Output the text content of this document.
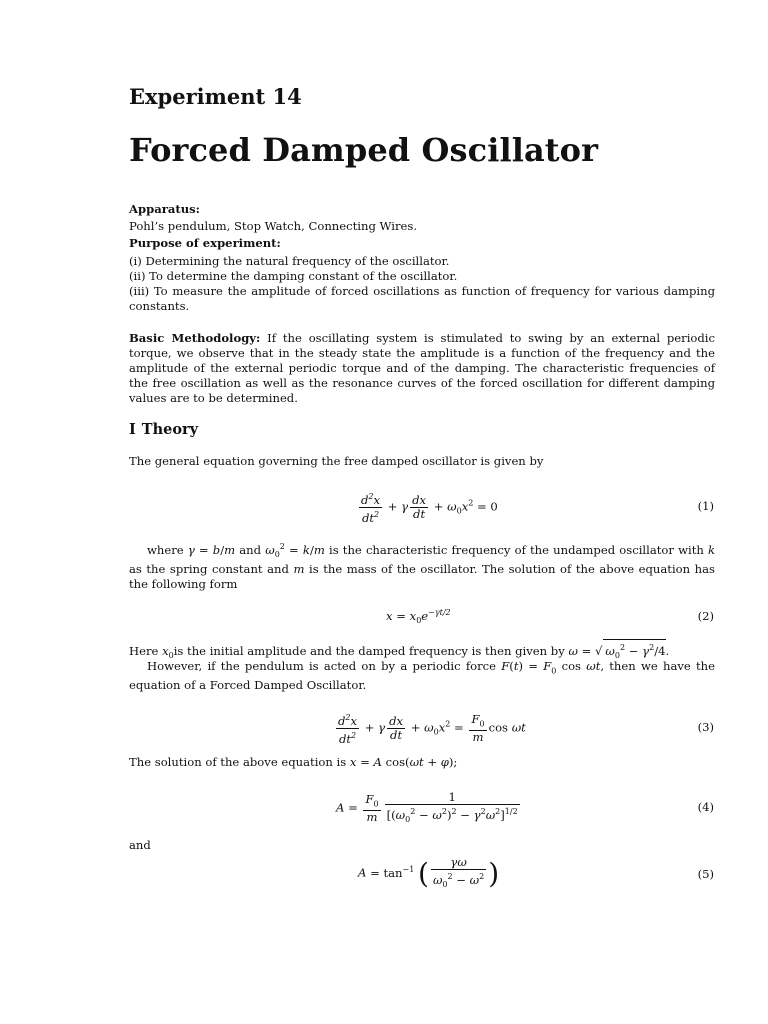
Experiment 14
Forced Damped Oscillator
Apparatus:
Pohl’s pendulum, Stop Watch, Connecting Wires.
Purpose of experiment:
(i) Determining the natural frequency of the oscillator.
(ii) To determine the damping constant of the oscillator.
(iii) To measure the amplitude of forced oscillations as function of frequency for various damping constants.
Basic Methodology: If the oscillating system is stimulated to swing by an external periodic torque, we observe that in the steady state the amplitude is a function of the frequency and the amplitude of the external periodic torque and of the damping. The characteristic frequencies of the free oscillation as well as the resonance curves of the forced oscillation for different damping values are to be determined.
I Theory
The general equation governing the free damped oscillator is given by
$\frac{d^2x}{dt^2} + \gamma \frac{dx}{dt} + \omega_0x^2 = 0$	(1)
where γ = b/m and $\omega_0^2 = k/m$ is the characteristic frequency of the undamped oscillator with k as the spring constant and m is the mass of the oscillator. The solution of the above equation has the following form
$x = x_0e^{-\gamma t/2}$	(2)
Here $x_0is$ the initial amplitude and the damped frequency is then given by ω = √ $\omega_0^2 - \gamma^2/4$.
However, if the pendulum is acted on by a periodic force $F(t) = F_0$ cos ωt, then we have the equation of a Forced Damped Oscillator.
$\frac{d^2x}{dt^2} + \gamma \frac{dx}{dt} + \omega_0x^2 = \frac{F_0}{m}$ cos ωt	(3)
The solution of the above equation is x = A cos(ωt + φ);
$A = \frac{F_0}{m} \frac{1}{[(\omega_0^2 - \omega^2)^2 - \gamma^2\omega^2]^{1/2}}$	(4)
and
$A = \tan^{-1}$ ( $\frac{\gamma\omega}{\omega_0^2 - \omega^2}$ )	(5)
